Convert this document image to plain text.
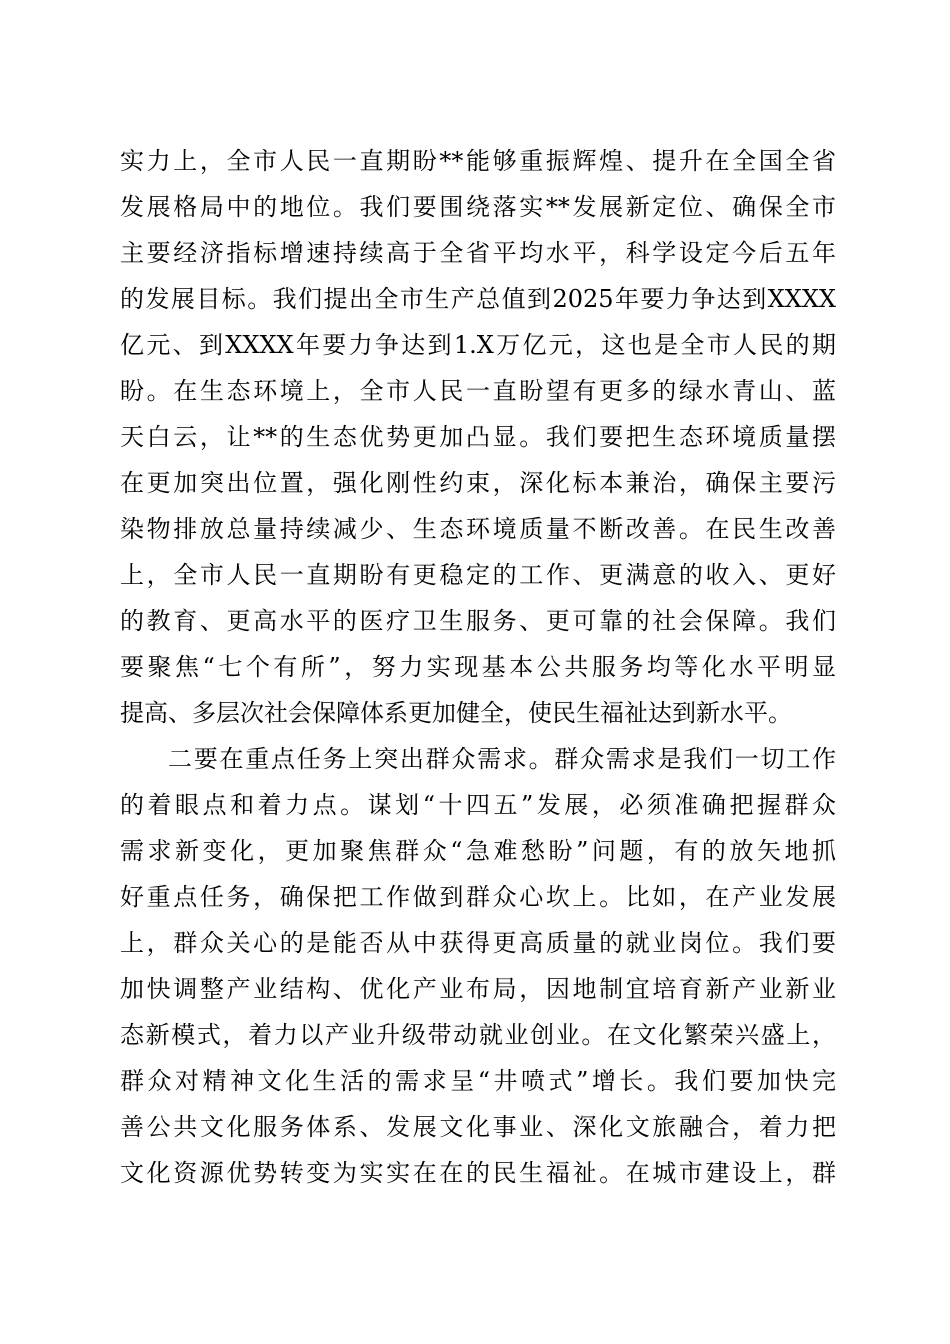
实力上，全市人民一直期盼**能够重振辉煌、提升在全国全省
发展格局中的地位。我们要围绕落实**发展新定位、确保全市
主要经济指标增速持续高于全省平均水平，科学设定今后五年
的发展目标。我们提出全市生产总值到2025年要力争达到XXXX
亿元、到XXXX年要力争达到1.X万亿元，这也是全市人民的期
盼。在生态环境上，全市人民一直盼望有更多的绿水青山、蓝
天白云，让**的生态优势更加凸显。我们要把生态环境质量摆
在更加突出位置，强化刚性约束，深化标本兼治，确保主要污
染物排放总量持续减少、生态环境质量不断改善。在民生改善
上，全市人民一直期盼有更稳定的工作、更满意的收入、更好
的教育、更高水平的医疗卫生服务、更可靠的社会保障。我们
要聚焦“七个有所”，努力实现基本公共服务均等化水平明显
提高、多层次社会保障体系更加健全，使民生福祉达到新水平。
二要在重点任务上突出群众需求。群众需求是我们一切工作
的着眼点和着力点。谋划“十四五”发展，必须准确把握群众
需求新变化，更加聚焦群众“急难愁盼”问题，有的放矢地抓
好重点任务，确保把工作做到群众心坎上。比如，在产业发展
上，群众关心的是能否从中获得更高质量的就业岗位。我们要
加快调整产业结构、优化产业布局，因地制宜培育新产业新业
态新模式，着力以产业升级带动就业创业。在文化繁荣兴盛上，
群众对精神文化生活的需求呈“井喷式”增长。我们要加快完
善公共文化服务体系、发展文化事业、深化文旅融合，着力把
文化资源优势转变为实实在在的民生福祉。在城市建设上，群
